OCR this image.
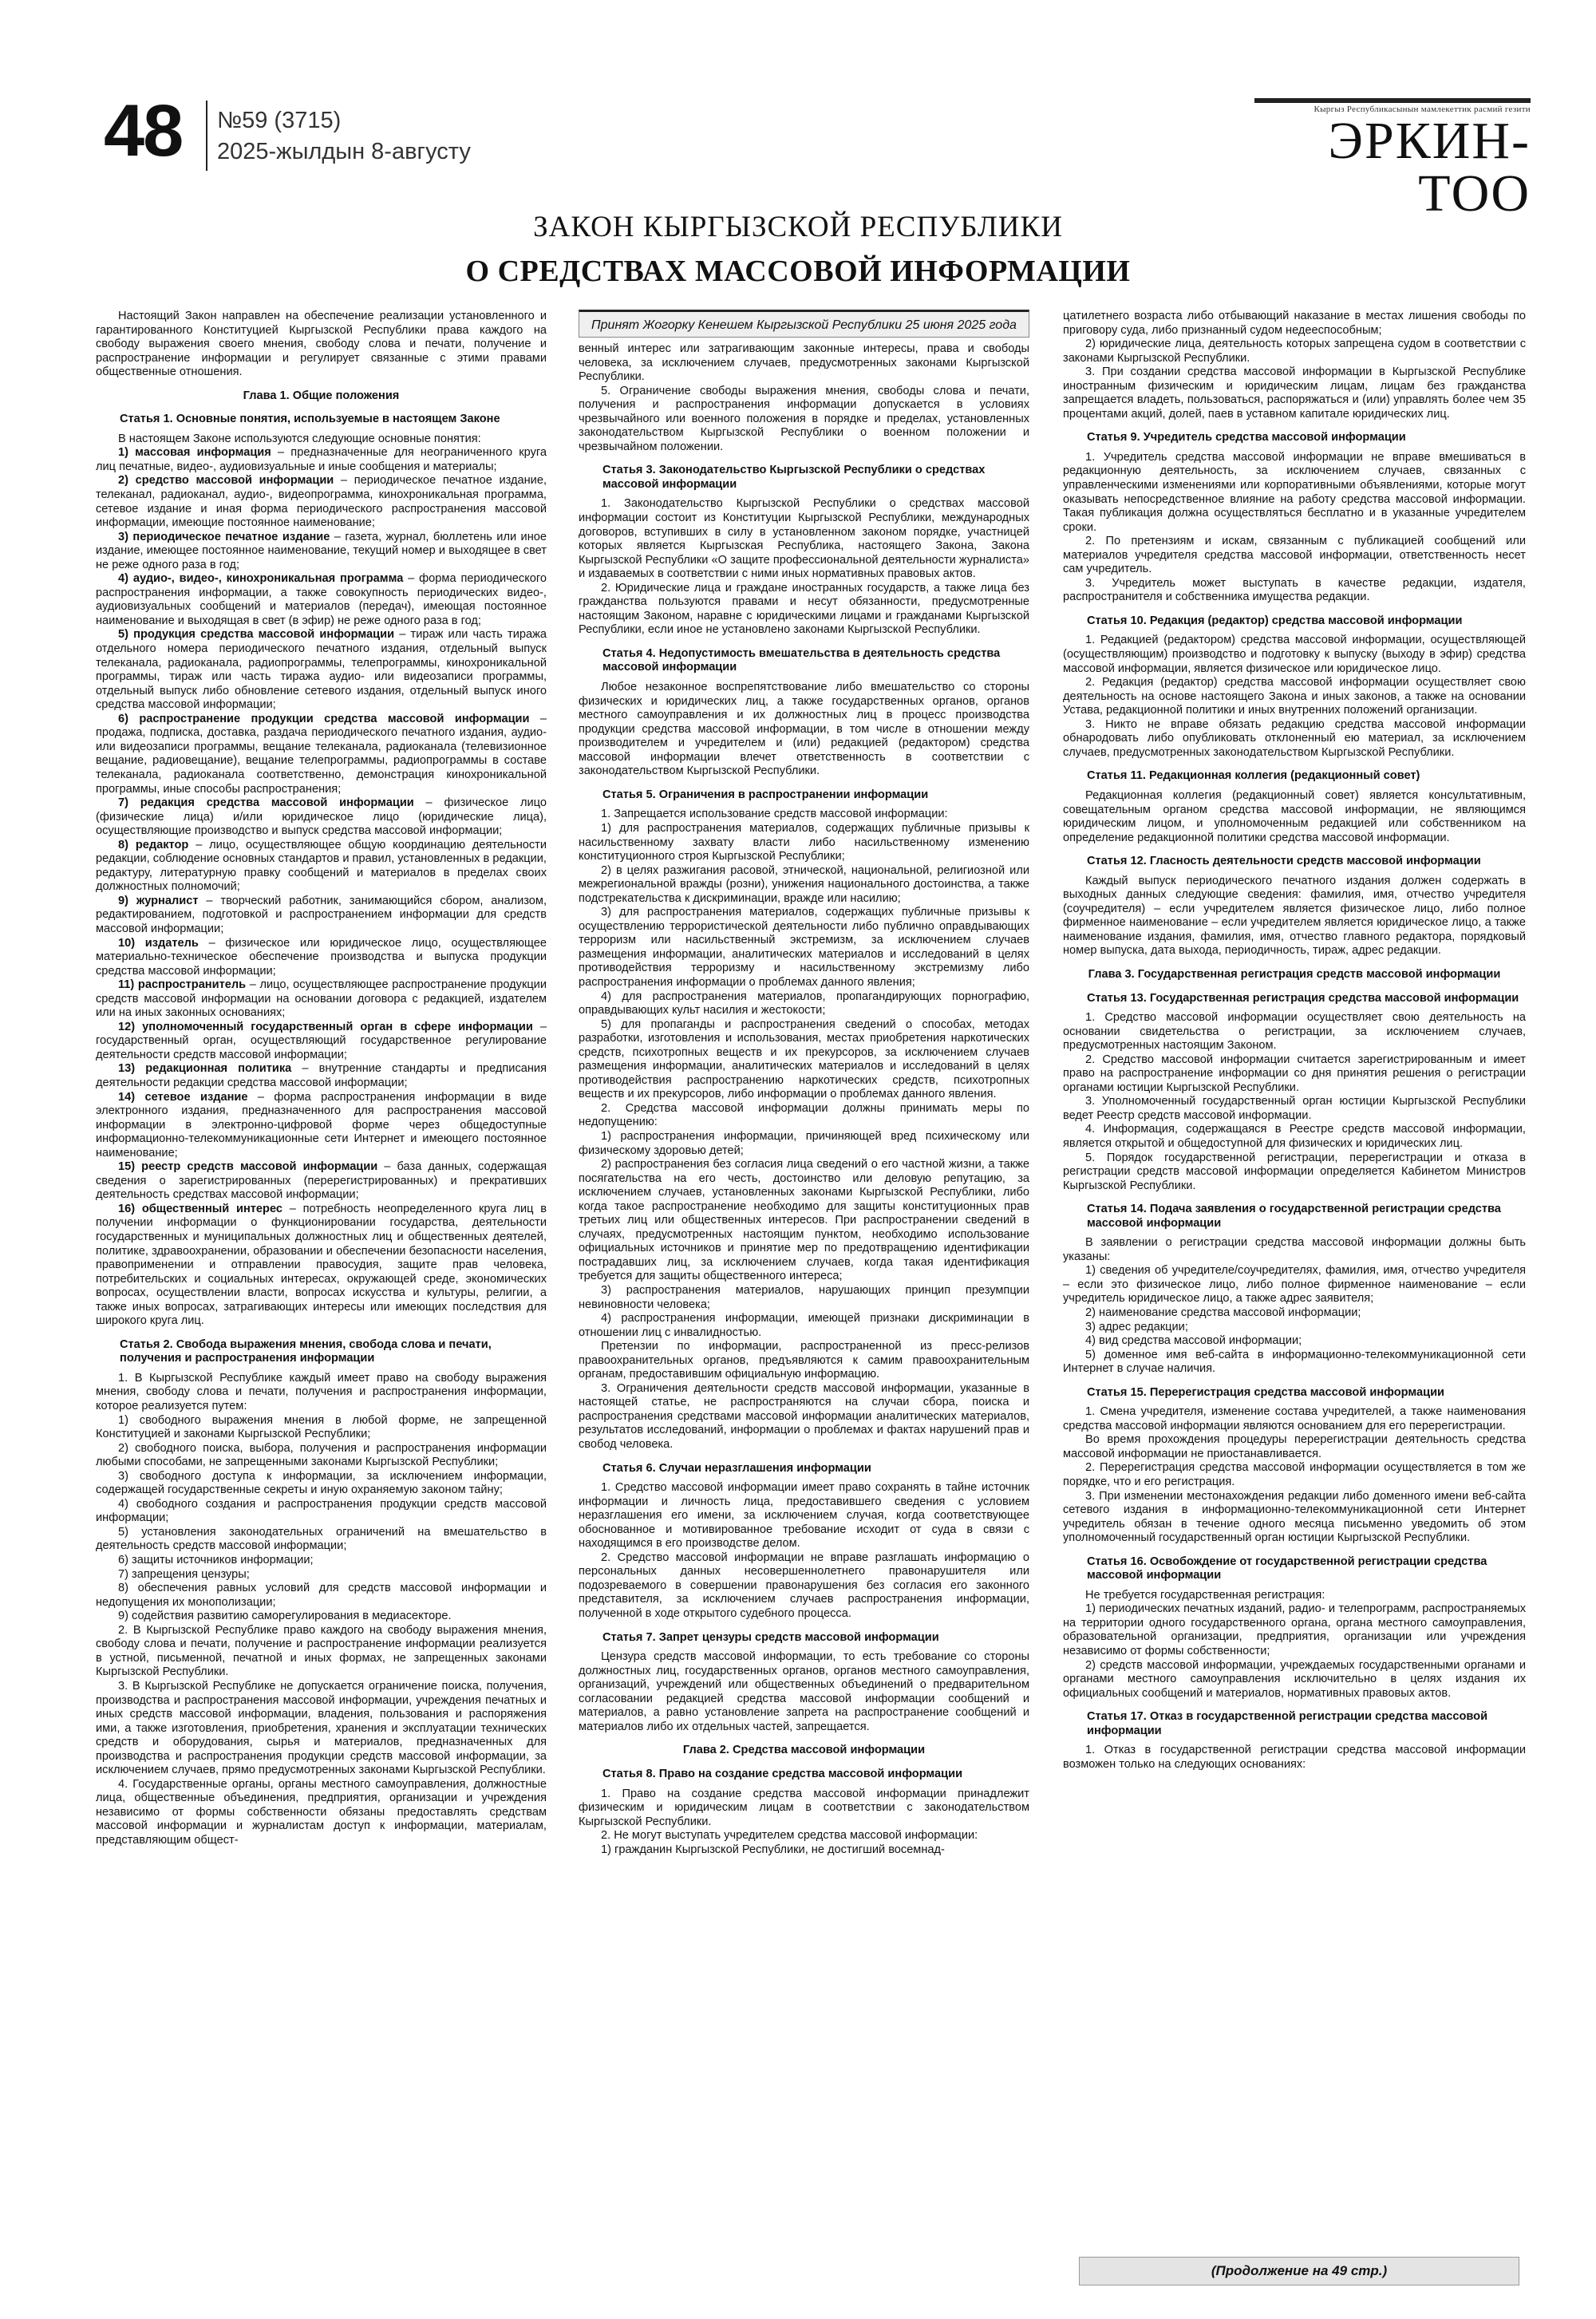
48 №59 (3715)
2025-жылдын 8-августу
Кыргыз Республикасынын мамлекеттик расмий гезити
ЭРКИН-ТОО
ЗАКОН КЫРГЫЗСКОЙ РЕСПУБЛИКИ
О СРЕДСТВАХ МАССОВОЙ ИНФОРМАЦИИ

Настоящий Закон направлен на обеспечение реализации установленного и гарантированного Конституцией Кыргызской Республики права каждого на свободу выражения своего мнения, свободу слова и печати, получение и распространение информации и регулирует связанные с этими правами общественные отношения.

Глава 1. Общие положения

Статья 1. Основные понятия, используемые в настоящем Законе

В настоящем Законе используются следующие основные понятия:

1) массовая информация – предназначенные для неограниченного круга лиц печатные, видео-, аудиовизуальные и иные сообщения и материалы;

2) средство массовой информации – периодическое печатное издание, телеканал, радиоканал, аудио-, видеопрограмма, кинохроникальная программа, сетевое издание и иная форма периодического распространения массовой информации, имеющие постоянное наименование;

3) периодическое печатное издание – газета, журнал, бюллетень или иное издание, имеющее постоянное наименование, текущий номер и выходящее в свет не реже одного раза в год;

4) аудио-, видео-, кинохроникальная программа – форма периодического распространения информации, а также совокупность периодических видео-, аудиовизуальных сообщений и материалов (передач), имеющая постоянное наименование и выходящая в свет (в эфир) не реже одного раза в год;

5) продукция средства массовой информации – тираж или часть тиража отдельного номера периодического печатного издания, отдельный выпуск телеканала, радиоканала, радиопрограммы, телепрограммы, кинохроникальной программы, тираж или часть тиража аудио- или видеозаписи программы, отдельный выпуск либо обновление сетевого издания, отдельный выпуск иного средства массовой информации;

6) распространение продукции средства массовой информации – продажа, подписка, доставка, раздача периодического печатного издания, аудио- или видеозаписи программы, вещание телеканала, радиоканала (телевизионное вещание, радиовещание), вещание телепрограммы, радиопрограммы в составе телеканала, радиоканала соответственно, демонстрация кинохроникальной программы, иные способы распространения;

7) редакция средства массовой информации – физическое лицо (физические лица) и/или юридическое лицо (юридические лица), осуществляющие производство и выпуск средства массовой информации;

8) редактор – лицо, осуществляющее общую координацию деятельности редакции, соблюдение основных стандартов и правил, установленных в редакции, редактуру, литературную правку сообщений и материалов в пределах своих должностных полномочий;

9) журналист – творческий работник, занимающийся сбором, анализом, редактированием, подготовкой и распространением информации для средств массовой информации;

10) издатель – физическое или юридическое лицо, осуществляющее материально-техническое обеспечение производства и выпуска продукции средства массовой информации;

11) распространитель – лицо, осуществляющее распространение продукции средств массовой информации на основании договора с редакцией, издателем или на иных законных основаниях;

12) уполномоченный государственный орган в сфере информации – государственный орган, осуществляющий государственное регулирование деятельности средств массовой информации;

13) редакционная политика – внутренние стандарты и предписания деятельности редакции средства массовой информации;

14) сетевое издание – форма распространения информации в виде электронного издания, предназначенного для распространения массовой информации в электронно-цифровой форме через общедоступные информационно-телекоммуникационные сети Интернет и имеющего постоянное наименование;

15) реестр средств массовой информации – база данных, содержащая сведения о зарегистрированных (перерегистрированных) и прекративших деятельность средствах массовой информации;

16) общественный интерес – потребность неопределенного круга лиц в получении информации о функционировании государства, деятельности государственных и муниципальных должностных лиц и общественных деятелей, политике, здравоохранении, образовании и обеспечении безопасности населения, правоприменении и отправлении правосудия, защите прав человека, потребительских и социальных интересах, окружающей среде, экономических вопросах, осуществлении власти, вопросах искусства и культуры, религии, а также иных вопросах, затрагивающих интересы или имеющих последствия для широкого круга лиц.

Статья 2. Свобода выражения мнения, свобода слова и печати, получения и распространения информации

1. В Кыргызской Республике каждый имеет право на свободу выражения мнения, свободу слова и печати, получения и распространения информации, которое реализуется путем:

1) свободного выражения мнения в любой форме, не запрещенной Конституцией и законами Кыргызской Республики;

2) свободного поиска, выбора, получения и распространения информации любыми способами, не запрещенными законами Кыргызской Республики;

3) свободного доступа к информации, за исключением информации, содержащей государственные секреты и иную охраняемую законом тайну;

4) свободного создания и распространения продукции средств массовой информации;

5) установления законодательных ограничений на вмешательство в деятельность средств массовой информации;

6) защиты источников информации;

7) запрещения цензуры;

8) обеспечения равных условий для средств массовой информации и недопущения их монополизации;

9) содействия развитию саморегулирования в медиасекторе.

2. В Кыргызской Республике право каждого на свободу выражения мнения, свободу слова и печати, получение и распространение информации реализуется в устной, письменной, печатной и иных формах, не запрещенных законами Кыргызской Республики.

3. В Кыргызской Республике не допускается ограничение поиска, получения, производства и распространения массовой информации, учреждения печатных и иных средств массовой информации, владения, пользования и распоряжения ими, а также изготовления, приобретения, хранения и эксплуатации технических средств и оборудования, сырья и материалов, предназначенных для производства и распространения продукции средств массовой информации, за исключением случаев, прямо предусмотренных законами Кыргызской Республики.

4. Государственные органы, органы местного самоуправления, должностные лица, общественные объединения, предприятия, организации и учреждения независимо от формы собственности обязаны предоставлять средствам массовой информации и журналистам доступ к информации, материалам, представляющим общест-

Принят Жогорку Кенешем Кыргызской Республики 25 июня 2025 года

венный интерес или затрагивающим законные интересы, права и свободы человека, за исключением случаев, предусмотренных законами Кыргызской Республики.

5. Ограничение свободы выражения мнения, свободы слова и печати, получения и распространения информации допускается в условиях чрезвычайного или военного положения в порядке и пределах, установленных законодательством Кыргызской Республики о военном положении и чрезвычайном положении.

Статья 3. Законодательство Кыргызской Республики о средствах массовой информации

1. Законодательство Кыргызской Республики о средствах массовой информации состоит из Конституции Кыргызской Республики, международных договоров, вступивших в силу в установленном законом порядке, участницей которых является Кыргызская Республика, настоящего Закона, Закона Кыргызской Республики «О защите профессиональной деятельности журналиста» и издаваемых в соответствии с ними иных нормативных правовых актов.

2. Юридические лица и граждане иностранных государств, а также лица без гражданства пользуются правами и несут обязанности, предусмотренные настоящим Законом, наравне с юридическими лицами и гражданами Кыргызской Республики, если иное не установлено законами Кыргызской Республики.

Статья 4. Недопустимость вмешательства в деятельность средства массовой информации

Любое незаконное воспрепятствование либо вмешательство со стороны физических и юридических лиц, а также государственных органов, органов местного самоуправления и их должностных лиц в процесс производства продукции средства массовой информации, в том числе в отношении между производителем и учредителем и (или) редакцией (редактором) средства массовой информации влечет ответственность в соответствии с законодательством Кыргызской Республики.

Статья 5. Ограничения в распространении информации

1. Запрещается использование средств массовой информации:

1) для распространения материалов, содержащих публичные призывы к насильственному захвату власти либо насильственному изменению конституционного строя Кыргызской Республики;

2) в целях разжигания расовой, этнической, национальной, религиозной или межрегиональной вражды (розни), унижения национального достоинства, а также подстрекательства к дискриминации, вражде или насилию;

3) для распространения материалов, содержащих публичные призывы к осуществлению террористической деятельности либо публично оправдывающих терроризм или насильственный экстремизм, за исключением случаев размещения информации, аналитических материалов и исследований в целях противодействия терроризму и насильственному экстремизму либо распространения информации о проблемах данного явления;

4) для распространения материалов, пропагандирующих порнографию, оправдывающих культ насилия и жестокости;

5) для пропаганды и распространения сведений о способах, методах разработки, изготовления и использования, местах приобретения наркотических средств, психотропных веществ и их прекурсоров, за исключением случаев размещения информации, аналитических материалов и исследований в целях противодействия распространению наркотических средств, психотропных веществ и их прекурсоров, либо информации о проблемах данного явления.

2. Средства массовой информации должны принимать меры по недопущению:

1) распространения информации, причиняющей вред психическому или физическому здоровью детей;

2) распространения без согласия лица сведений о его частной жизни, а также посягательства на его честь, достоинство или деловую репутацию, за исключением случаев, установленных законами Кыргызской Республики, либо когда такое распространение необходимо для защиты конституционных прав третьих лиц или общественных интересов. При распространении сведений в случаях, предусмотренных настоящим пунктом, необходимо использование официальных источников и принятие мер по предотвращению идентификации пострадавших лиц, за исключением случаев, когда такая идентификация требуется для защиты общественного интереса;

3) распространения материалов, нарушающих принцип презумпции невиновности человека;

4) распространения информации, имеющей признаки дискриминации в отношении лиц с инвалидностью.

Претензии по информации, распространенной из пресс-релизов правоохранительных органов, предъявляются к самим правоохранительным органам, предоставившим официальную информацию.

3. Ограничения деятельности средств массовой информации, указанные в настоящей статье, не распространяются на случаи сбора, поиска и распространения средствами массовой информации аналитических материалов, результатов исследований, информации о проблемах и фактах нарушений прав и свобод человека.

Статья 6. Случаи неразглашения информации

1. Средство массовой информации имеет право сохранять в тайне источник информации и личность лица, предоставившего сведения с условием неразглашения его имени, за исключением случая, когда соответствующее обоснованное и мотивированное требование исходит от суда в связи с находящимся в его производстве делом.

2. Средство массовой информации не вправе разглашать информацию о персональных данных несовершеннолетнего правонарушителя или подозреваемого в совершении правонарушения без согласия его законного представителя, за исключением случаев распространения информации, полученной в ходе открытого судебного процесса.

Статья 7. Запрет цензуры средств массовой информации

Цензура средств массовой информации, то есть требование со стороны должностных лиц, государственных органов, органов местного самоуправления, организаций, учреждений или общественных объединений о предварительном согласовании редакцией средства массовой информации сообщений и материалов, а равно установление запрета на распространение сообщений и материалов либо их отдельных частей, запрещается.

Глава 2. Средства массовой информации

Статья 8. Право на создание средства массовой информации

1. Право на создание средства массовой информации принадлежит физическим и юридическим лицам в соответствии с законодательством Кыргызской Республики.

2. Не могут выступать учредителем средства массовой информации:

1) гражданин Кыргызской Республики, не достигший восемнад-

цатилетнего возраста либо отбывающий наказание в местах лишения свободы по приговору суда, либо признанный судом недееспособным;

2) юридические лица, деятельность которых запрещена судом в соответствии с законами Кыргызской Республики.

3. При создании средства массовой информации в Кыргызской Республике иностранным физическим и юридическим лицам, лицам без гражданства запрещается владеть, пользоваться, распоряжаться и (или) управлять более чем 35 процентами акций, долей, паев в уставном капитале юридических лиц.

Статья 9. Учредитель средства массовой информации

1. Учредитель средства массовой информации не вправе вмешиваться в редакционную деятельность, за исключением случаев, связанных с управленческими изменениями или корпоративными объявлениями, которые могут оказывать непосредственное влияние на работу средства массовой информации. Такая публикация должна осуществляться бесплатно и в указанные учредителем сроки.

2. По претензиям и искам, связанным с публикацией сообщений или материалов учредителя средства массовой информации, ответственность несет сам учредитель.

3. Учредитель может выступать в качестве редакции, издателя, распространителя и собственника имущества редакции.

Статья 10. Редакция (редактор) средства массовой информации

1. Редакцией (редактором) средства массовой информации, осуществляющей (осуществляющим) производство и подготовку к выпуску (выходу в эфир) средства массовой информации, является физическое или юридическое лицо.

2. Редакция (редактор) средства массовой информации осуществляет свою деятельность на основе настоящего Закона и иных законов, а также на основании Устава, редакционной политики и иных внутренних положений организации.

3. Никто не вправе обязать редакцию средства массовой информации обнародовать либо опубликовать отклоненный ею материал, за исключением случаев, предусмотренных законодательством Кыргызской Республики.

Статья 11. Редакционная коллегия (редакционный совет)

Редакционная коллегия (редакционный совет) является консультативным, совещательным органом средства массовой информации, не являющимся юридическим лицом, и уполномоченным редакцией или собственником на определение редакционной политики средства массовой информации.

Статья 12. Гласность деятельности средств массовой информации

Каждый выпуск периодического печатного издания должен содержать в выходных данных следующие сведения: фамилия, имя, отчество учредителя (соучредителя) – если учредителем является физическое лицо, либо полное фирменное наименование – если учредителем является юридическое лицо, а также наименование издания, фамилия, имя, отчество главного редактора, порядковый номер выпуска, дата выхода, периодичность, тираж, адрес редакции.

Глава 3. Государственная регистрация средств массовой информации

Статья 13. Государственная регистрация средства массовой информации

1. Средство массовой информации осуществляет свою деятельность на основании свидетельства о регистрации, за исключением случаев, предусмотренных настоящим Законом.

2. Средство массовой информации считается зарегистрированным и имеет право на распространение информации со дня принятия решения о регистрации органами юстиции Кыргызской Республики.

3. Уполномоченный государственный орган юстиции Кыргызской Республики ведет Реестр средств массовой информации.

4. Информация, содержащаяся в Реестре средств массовой информации, является открытой и общедоступной для физических и юридических лиц.

5. Порядок государственной регистрации, перерегистрации и отказа в регистрации средств массовой информации определяется Кабинетом Министров Кыргызской Республики.

Статья 14. Подача заявления о государственной регистрации средства массовой информации

В заявлении о регистрации средства массовой информации должны быть указаны:

1) сведения об учредителе/соучредителях, фамилия, имя, отчество учредителя – если это физическое лицо, либо полное фирменное наименование – если учредитель юридическое лицо, а также адрес заявителя;

2) наименование средства массовой информации;

3) адрес редакции;

4) вид средства массовой информации;

5) доменное имя веб-сайта в информационно-телекоммуникационной сети Интернет в случае наличия.

Статья 15. Перерегистрация средства массовой информации

1. Смена учредителя, изменение состава учредителей, а также наименования средства массовой информации являются основанием для его перерегистрации.

Во время прохождения процедуры перерегистрации деятельность средства массовой информации не приостанавливается.

2. Перерегистрация средства массовой информации осуществляется в том же порядке, что и его регистрация.

3. При изменении местонахождения редакции либо доменного имени веб-сайта сетевого издания в информационно-телекоммуникационной сети Интернет учредитель обязан в течение одного месяца письменно уведомить об этом уполномоченный государственный орган юстиции Кыргызской Республики.

Статья 16. Освобождение от государственной регистрации средства массовой информации

Не требуется государственная регистрация:

1) периодических печатных изданий, радио- и телепрограмм, распространяемых на территории одного государственного органа, органа местного самоуправления, образовательной организации, предприятия, организации или учреждения независимо от формы собственности;

2) средств массовой информации, учреждаемых государственными органами и органами местного самоуправления исключительно в целях издания их официальных сообщений и материалов, нормативных правовых актов.

Статья 17. Отказ в государственной регистрации средства массовой информации

1. Отказ в государственной регистрации средства массовой информации возможен только на следующих основаниях:

(Продолжение на 49 стр.)
